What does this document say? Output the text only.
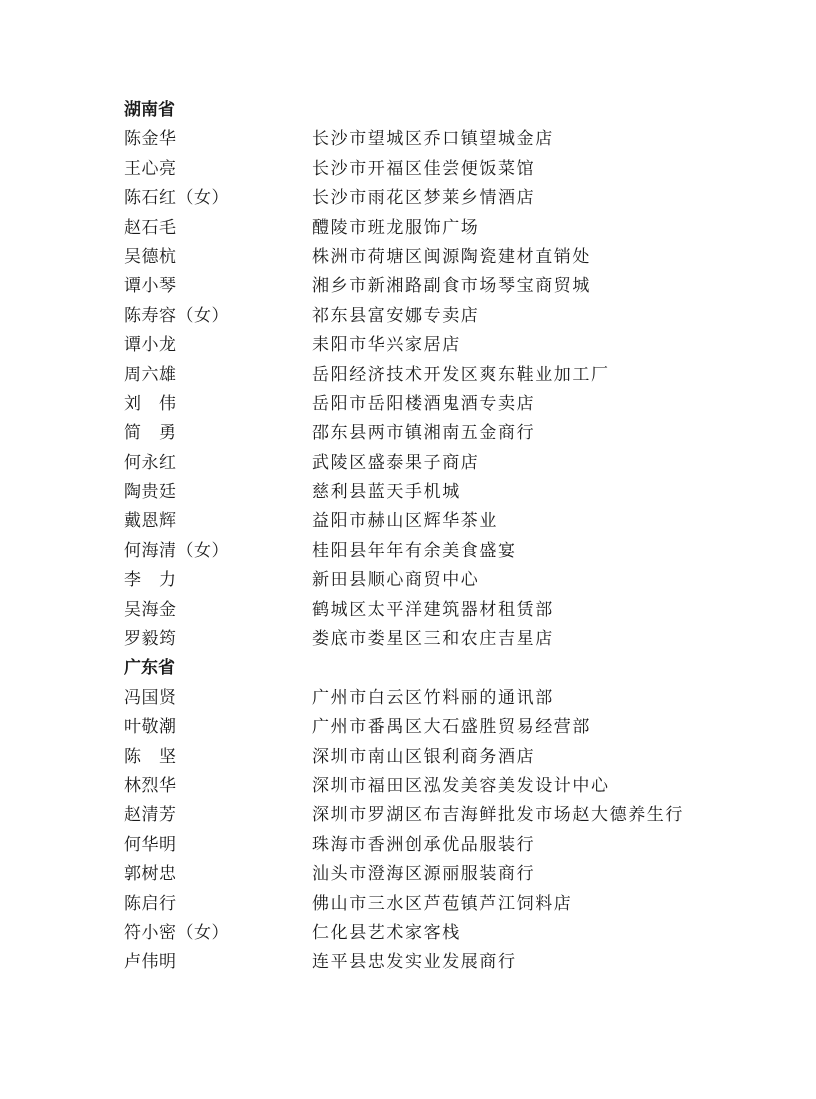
湖南省
陈金华	长沙市望城区乔口镇望城金店
王心亮	长沙市开福区佳尝便饭菜馆
陈石红（女）	长沙市雨花区梦莱乡情酒店
赵石毛	醴陵市班龙服饰广场
吴德杭	株洲市荷塘区闽源陶瓷建材直销处
谭小琴	湘乡市新湘路副食市场琴宝商贸城
陈寿容（女）	祁东县富安娜专卖店
谭小龙	耒阳市华兴家居店
周六雄	岳阳经济技术开发区爽东鞋业加工厂
刘　伟	岳阳市岳阳楼酒鬼酒专卖店
简　勇	邵东县两市镇湘南五金商行
何永红	武陵区盛泰果子商店
陶贵廷	慈利县蓝天手机城
戴恩辉	益阳市赫山区辉华茶业
何海清（女）	桂阳县年年有余美食盛宴
李　力	新田县顺心商贸中心
吴海金	鹤城区太平洋建筑器材租赁部
罗毅筠	娄底市娄星区三和农庄吉星店
广东省
冯国贤	广州市白云区竹料丽的通讯部
叶敬潮	广州市番禺区大石盛胜贸易经营部
陈　坚	深圳市南山区银利商务酒店
林烈华	深圳市福田区泓发美容美发设计中心
赵清芳	深圳市罗湖区布吉海鲜批发市场赵大德养生行
何华明	珠海市香洲创承优品服装行
郭树忠	汕头市澄海区源丽服装商行
陈启行	佛山市三水区芦苞镇芦江饲料店
符小密（女）	仁化县艺术家客栈
卢伟明	连平县忠发实业发展商行
